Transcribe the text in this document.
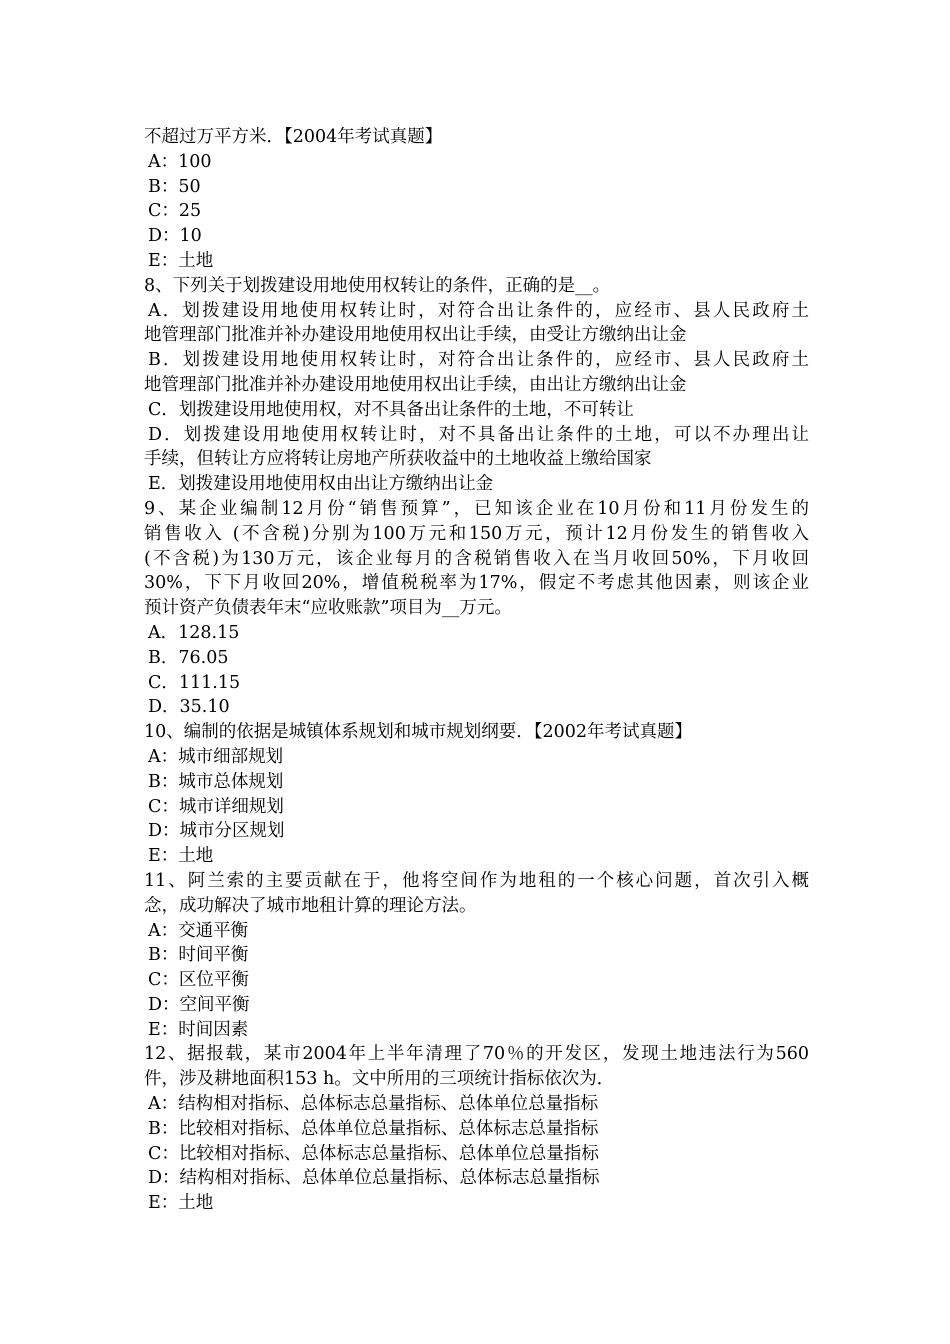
不超过万平方米．【2004年考试真题】
A：100
B：50
C：25
D：10
E：土地
8、下列关于划拨建设用地使用权转让的条件，正确的是__。
A．划拨建设用地使用权转让时，对符合出让条件的，应经市、县人民政府土
地管理部门批准并补办建设用地使用权出让手续，由受让方缴纳出让金
B．划拨建设用地使用权转让时，对符合出让条件的，应经市、县人民政府土
地管理部门批准并补办建设用地使用权出让手续，由出让方缴纳出让金
C．划拨建设用地使用权，对不具备出让条件的土地，不可转让
D．划拨建设用地使用权转让时，对不具备出让条件的土地，可以不办理出让
手续，但转让方应将转让房地产所获收益中的土地收益上缴给国家
E．划拨建设用地使用权由出让方缴纳出让金
9、某企业编制12月份“销售预算”，已知该企业在10月份和11月份发生的
销售收入 (不含税)分别为100万元和150万元，预计12月份发生的销售收入
(不含税)为130万元，该企业每月的含税销售收入在当月收回50%，下月收回
30%，下下月收回20%，增值税税率为17%，假定不考虑其他因素，则该企业
预计资产负债表年末“应收账款”项目为__万元。
A．128.15
B．76.05
C．111.15
D．35.10
10、编制的依据是城镇体系规划和城市规划纲要．【2002年考试真题】
A：城市细部规划
B：城市总体规划
C：城市详细规划
D：城市分区规划
E：土地
11、阿兰索的主要贡献在于，他将空间作为地租的一个核心问题，首次引入概
念，成功解决了城市地租计算的理论方法。
A：交通平衡
B：时间平衡
C：区位平衡
D：空间平衡
E：时间因素
12、据报载，某市2004年上半年清理了70％的开发区，发现土地违法行为560
件，涉及耕地面积153 h。文中所用的三项统计指标依次为．
A：结构相对指标、总体标志总量指标、总体单位总量指标
B：比较相对指标、总体单位总量指标、总体标志总量指标
C：比较相对指标、总体标志总量指标、总体单位总量指标
D：结构相对指标、总体单位总量指标、总体标志总量指标
E：土地
